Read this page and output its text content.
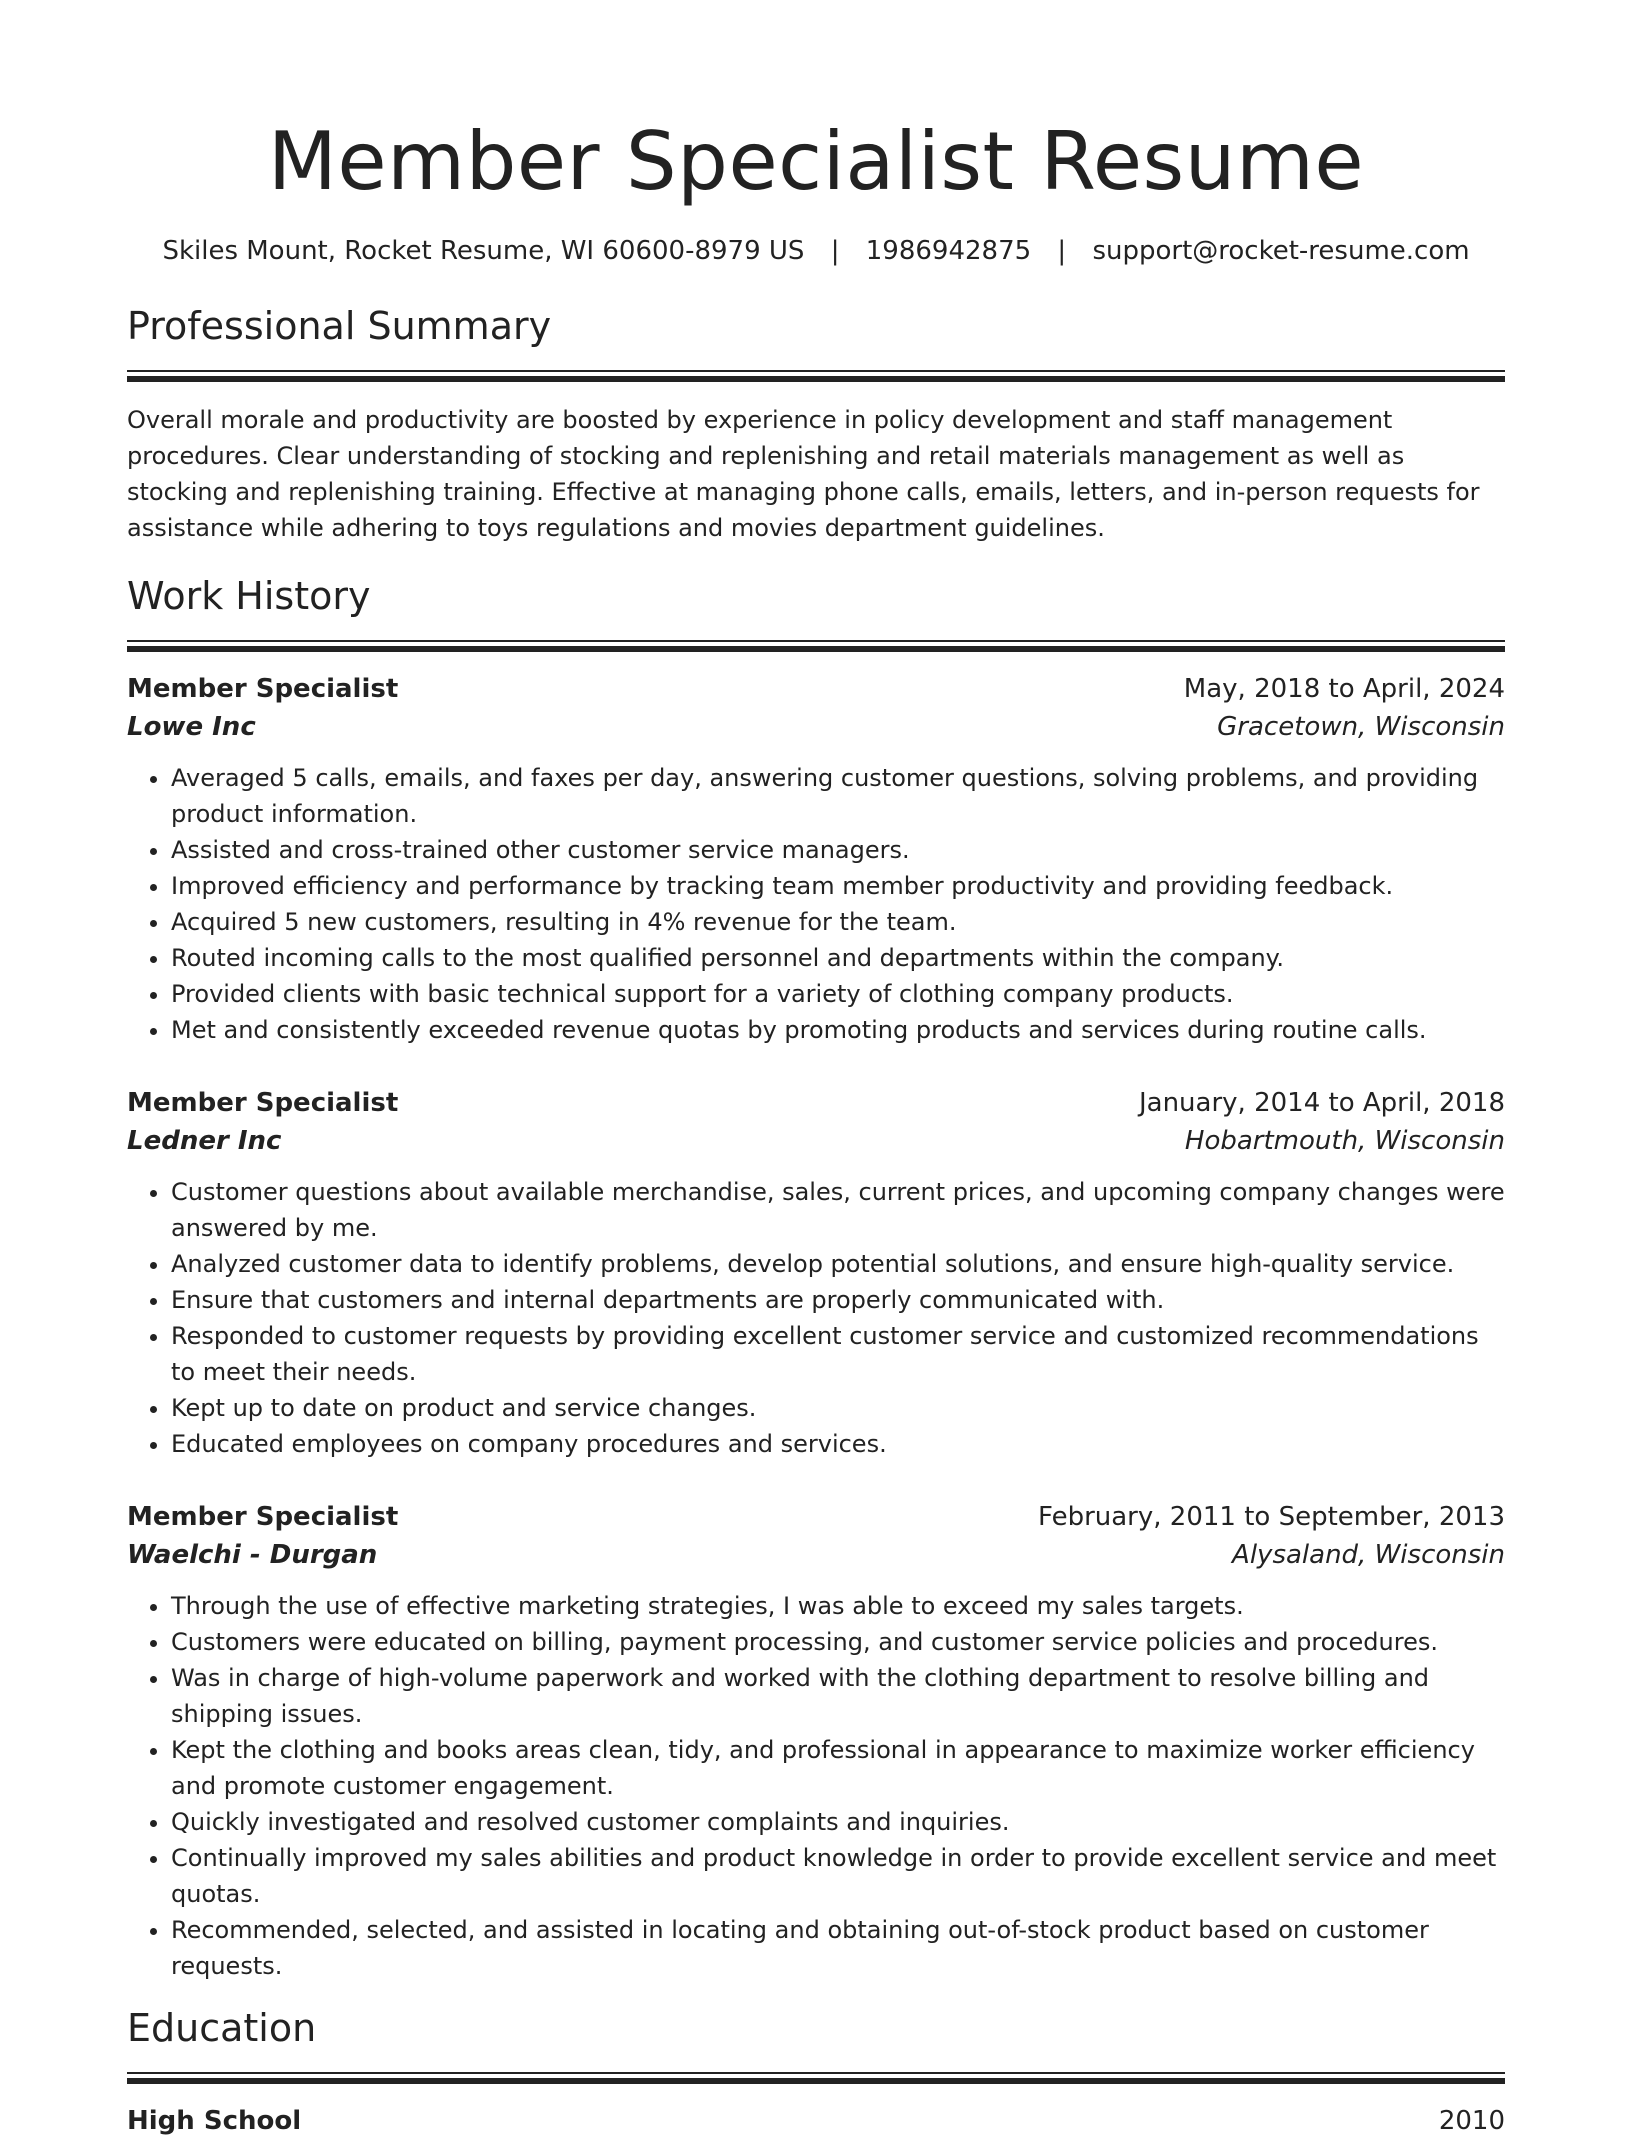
Member Specialist Resume
Skiles Mount, Rocket Resume, WI 60600-8979 US | 1986942875 | support@rocket-resume.com
Professional Summary

Overall morale and productivity are boosted by experience in policy development and staff management procedures. Clear understanding of stocking and replenishing and retail materials management as well as stocking and replenishing training. Effective at managing phone calls, emails, letters, and in-person requests for assistance while adhering to toys regulations and movies department guidelines.

Work History
Member Specialist	May, 2018 to April, 2024
Lowe Inc	Gracetown, Wisconsin
• Averaged 5 calls, emails, and faxes per day, answering customer questions, solving problems, and providing product information.
• Assisted and cross-trained other customer service managers.
• Improved efficiency and performance by tracking team member productivity and providing feedback.
• Acquired 5 new customers, resulting in 4% revenue for the team.
• Routed incoming calls to the most qualified personnel and departments within the company.
• Provided clients with basic technical support for a variety of clothing company products.
• Met and consistently exceeded revenue quotas by promoting products and services during routine calls.
Member Specialist	January, 2014 to April, 2018
Ledner Inc	Hobartmouth, Wisconsin
• Customer questions about available merchandise, sales, current prices, and upcoming company changes were answered by me.
• Analyzed customer data to identify problems, develop potential solutions, and ensure high-quality service.
• Ensure that customers and internal departments are properly communicated with.
• Responded to customer requests by providing excellent customer service and customized recommendations to meet their needs.
• Kept up to date on product and service changes.
• Educated employees on company procedures and services.
Member Specialist	February, 2011 to September, 2013
Waelchi - Durgan	Alysaland, Wisconsin
• Through the use of effective marketing strategies, I was able to exceed my sales targets.
• Customers were educated on billing, payment processing, and customer service policies and procedures.
• Was in charge of high-volume paperwork and worked with the clothing department to resolve billing and shipping issues.
• Kept the clothing and books areas clean, tidy, and professional in appearance to maximize worker efficiency and promote customer engagement.
• Quickly investigated and resolved customer complaints and inquiries.
• Continually improved my sales abilities and product knowledge in order to provide excellent service and meet quotas.
• Recommended, selected, and assisted in locating and obtaining out-of-stock product based on customer requests.
Education
High School	2010
